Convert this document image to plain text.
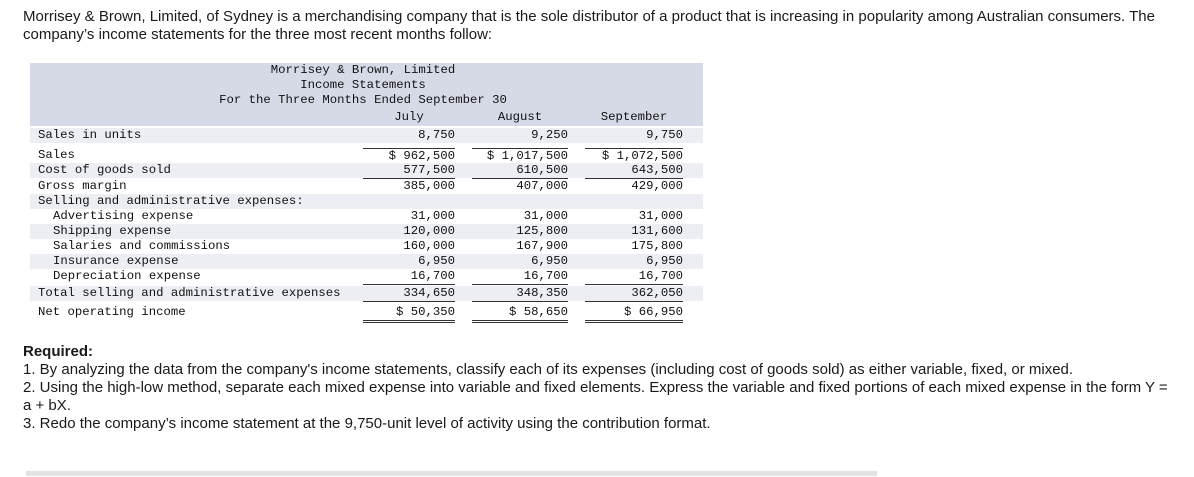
Morrisey & Brown, Limited, of Sydney is a merchandising company that is the sole distributor of a product that is increasing in popularity among Australian consumers. The company’s income statements for the three most recent months follow:

Morrisey & Brown, Limited
Income Statements
For the Three Months Ended September 30
July	August	September
Sales in units	8,750	9,250	9,750
Sales	$ 962,500	$ 1,017,500	$ 1,072,500
Cost of goods sold	577,500	610,500	643,500
Gross margin	385,000	407,000	429,000
Selling and administrative expenses:
Advertising expense	31,000	31,000	31,000
Shipping expense	120,000	125,800	131,600
Salaries and commissions	160,000	167,900	175,800
Insurance expense	6,950	6,950	6,950
Depreciation expense	16,700	16,700	16,700
Total selling and administrative expenses	334,650	348,350	362,050
Net operating income	$ 50,350	$ 58,650	$ 66,950

Required:

1. By analyzing the data from the company's income statements, classify each of its expenses (including cost of goods sold) as either variable, fixed, or mixed.

2. Using the high-low method, separate each mixed expense into variable and fixed elements. Express the variable and fixed portions of each mixed expense in the form Y = a + bX.

3. Redo the company’s income statement at the 9,750-unit level of activity using the contribution format.
